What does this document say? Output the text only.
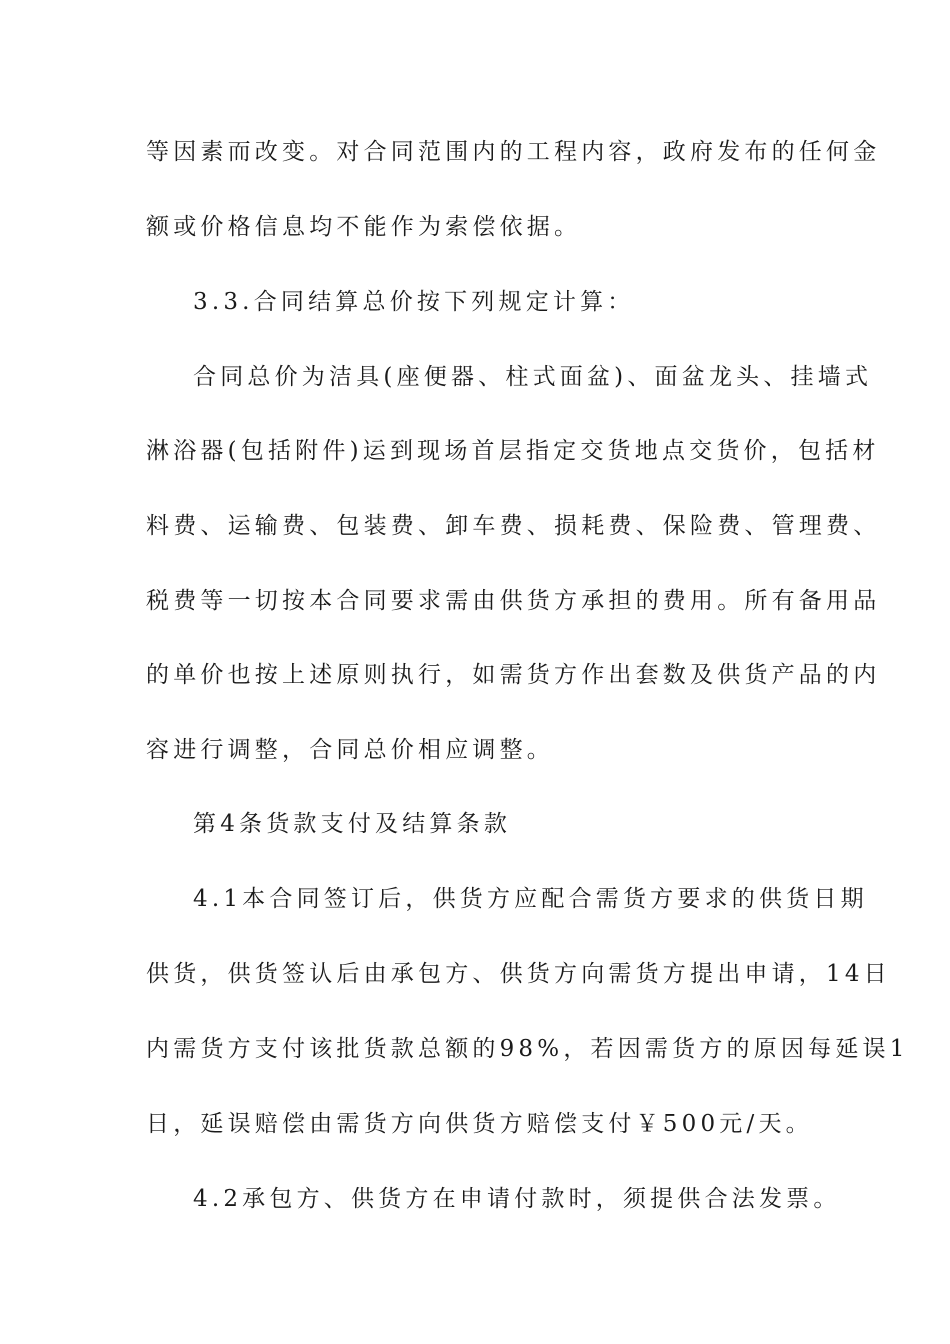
等因素而改变。对合同范围内的工程内容，政府发布的任何金
额或价格信息均不能作为索偿依据。
3.3.合同结算总价按下列规定计算：
合同总价为洁具(座便器、柱式面盆)、面盆龙头、挂墙式
淋浴器(包括附件)运到现场首层指定交货地点交货价，包括材
料费、运输费、包装费、卸车费、损耗费、保险费、管理费、
税费等一切按本合同要求需由供货方承担的费用。所有备用品
的单价也按上述原则执行，如需货方作出套数及供货产品的内
容进行调整，合同总价相应调整。
第4条货款支付及结算条款
4.1本合同签订后，供货方应配合需货方要求的供货日期
供货，供货签认后由承包方、供货方向需货方提出申请，14日
内需货方支付该批货款总额的98%，若因需货方的原因每延误1
日，延误赔偿由需货方向供货方赔偿支付￥500元/天。
4.2承包方、供货方在申请付款时，须提供合法发票。
